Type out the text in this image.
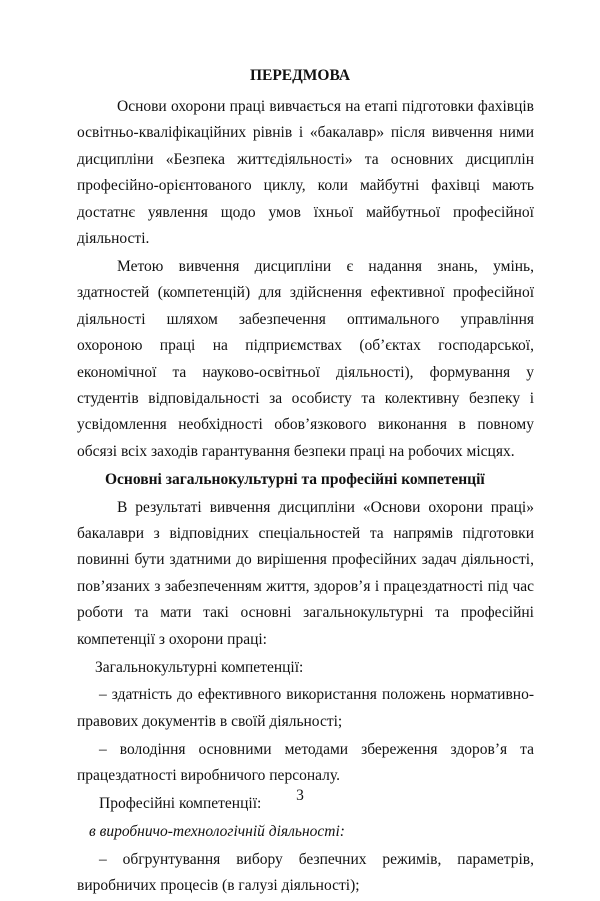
ПЕРЕДМОВА

Основи охорони праці вивчається на етапі підготовки фахівців освітньо-кваліфікаційних рівнів і «бакалавр» після вивчення ними дисципліни «Безпека життєдіяльності» та основних дисциплін професійно-орієнтованого циклу, коли майбутні фахівці мають достатнє уявлення щодо умов їхньої майбутньої професійної діяльності.

Метою вивчення дисципліни є надання знань, умінь, здатностей (компетенцій) для здійснення ефективної професійної діяльності шляхом забезпечення оптимального управління охороною праці на підприємствах (об’єктах господарської, економічної та науково-освітньої діяльності), формування у студентів відповідальності за особисту та колективну безпеку і усвідомлення необхідності обов’язкового виконання в повному обсязі всіх заходів гарантування безпеки праці на робочих місцях.

Основні загальнокультурні та професійні компетенції

В результаті вивчення дисципліни «Основи охорони праці» бакалаври з відповідних спеціальностей та напрямів підготовки повинні бути здатними до вирішення професійних задач діяльності, пов’язаних з забезпеченням життя, здоров’я і працездатності під час роботи та мати такі основні загальнокультурні та професійні компетенції з охорони праці:

Загальнокультурні компетенції:

– здатність до ефективного використання положень нормативно-правових документів в своїй діяльності;

– володіння основними методами збереження здоров’я та працездатності виробничого персоналу.

Професійні компетенції:

в виробничо-технологічній діяльності:

– обгрунтування вибору безпечних режимів, параметрів, виробничих процесів (в галузі діяльності);

3
